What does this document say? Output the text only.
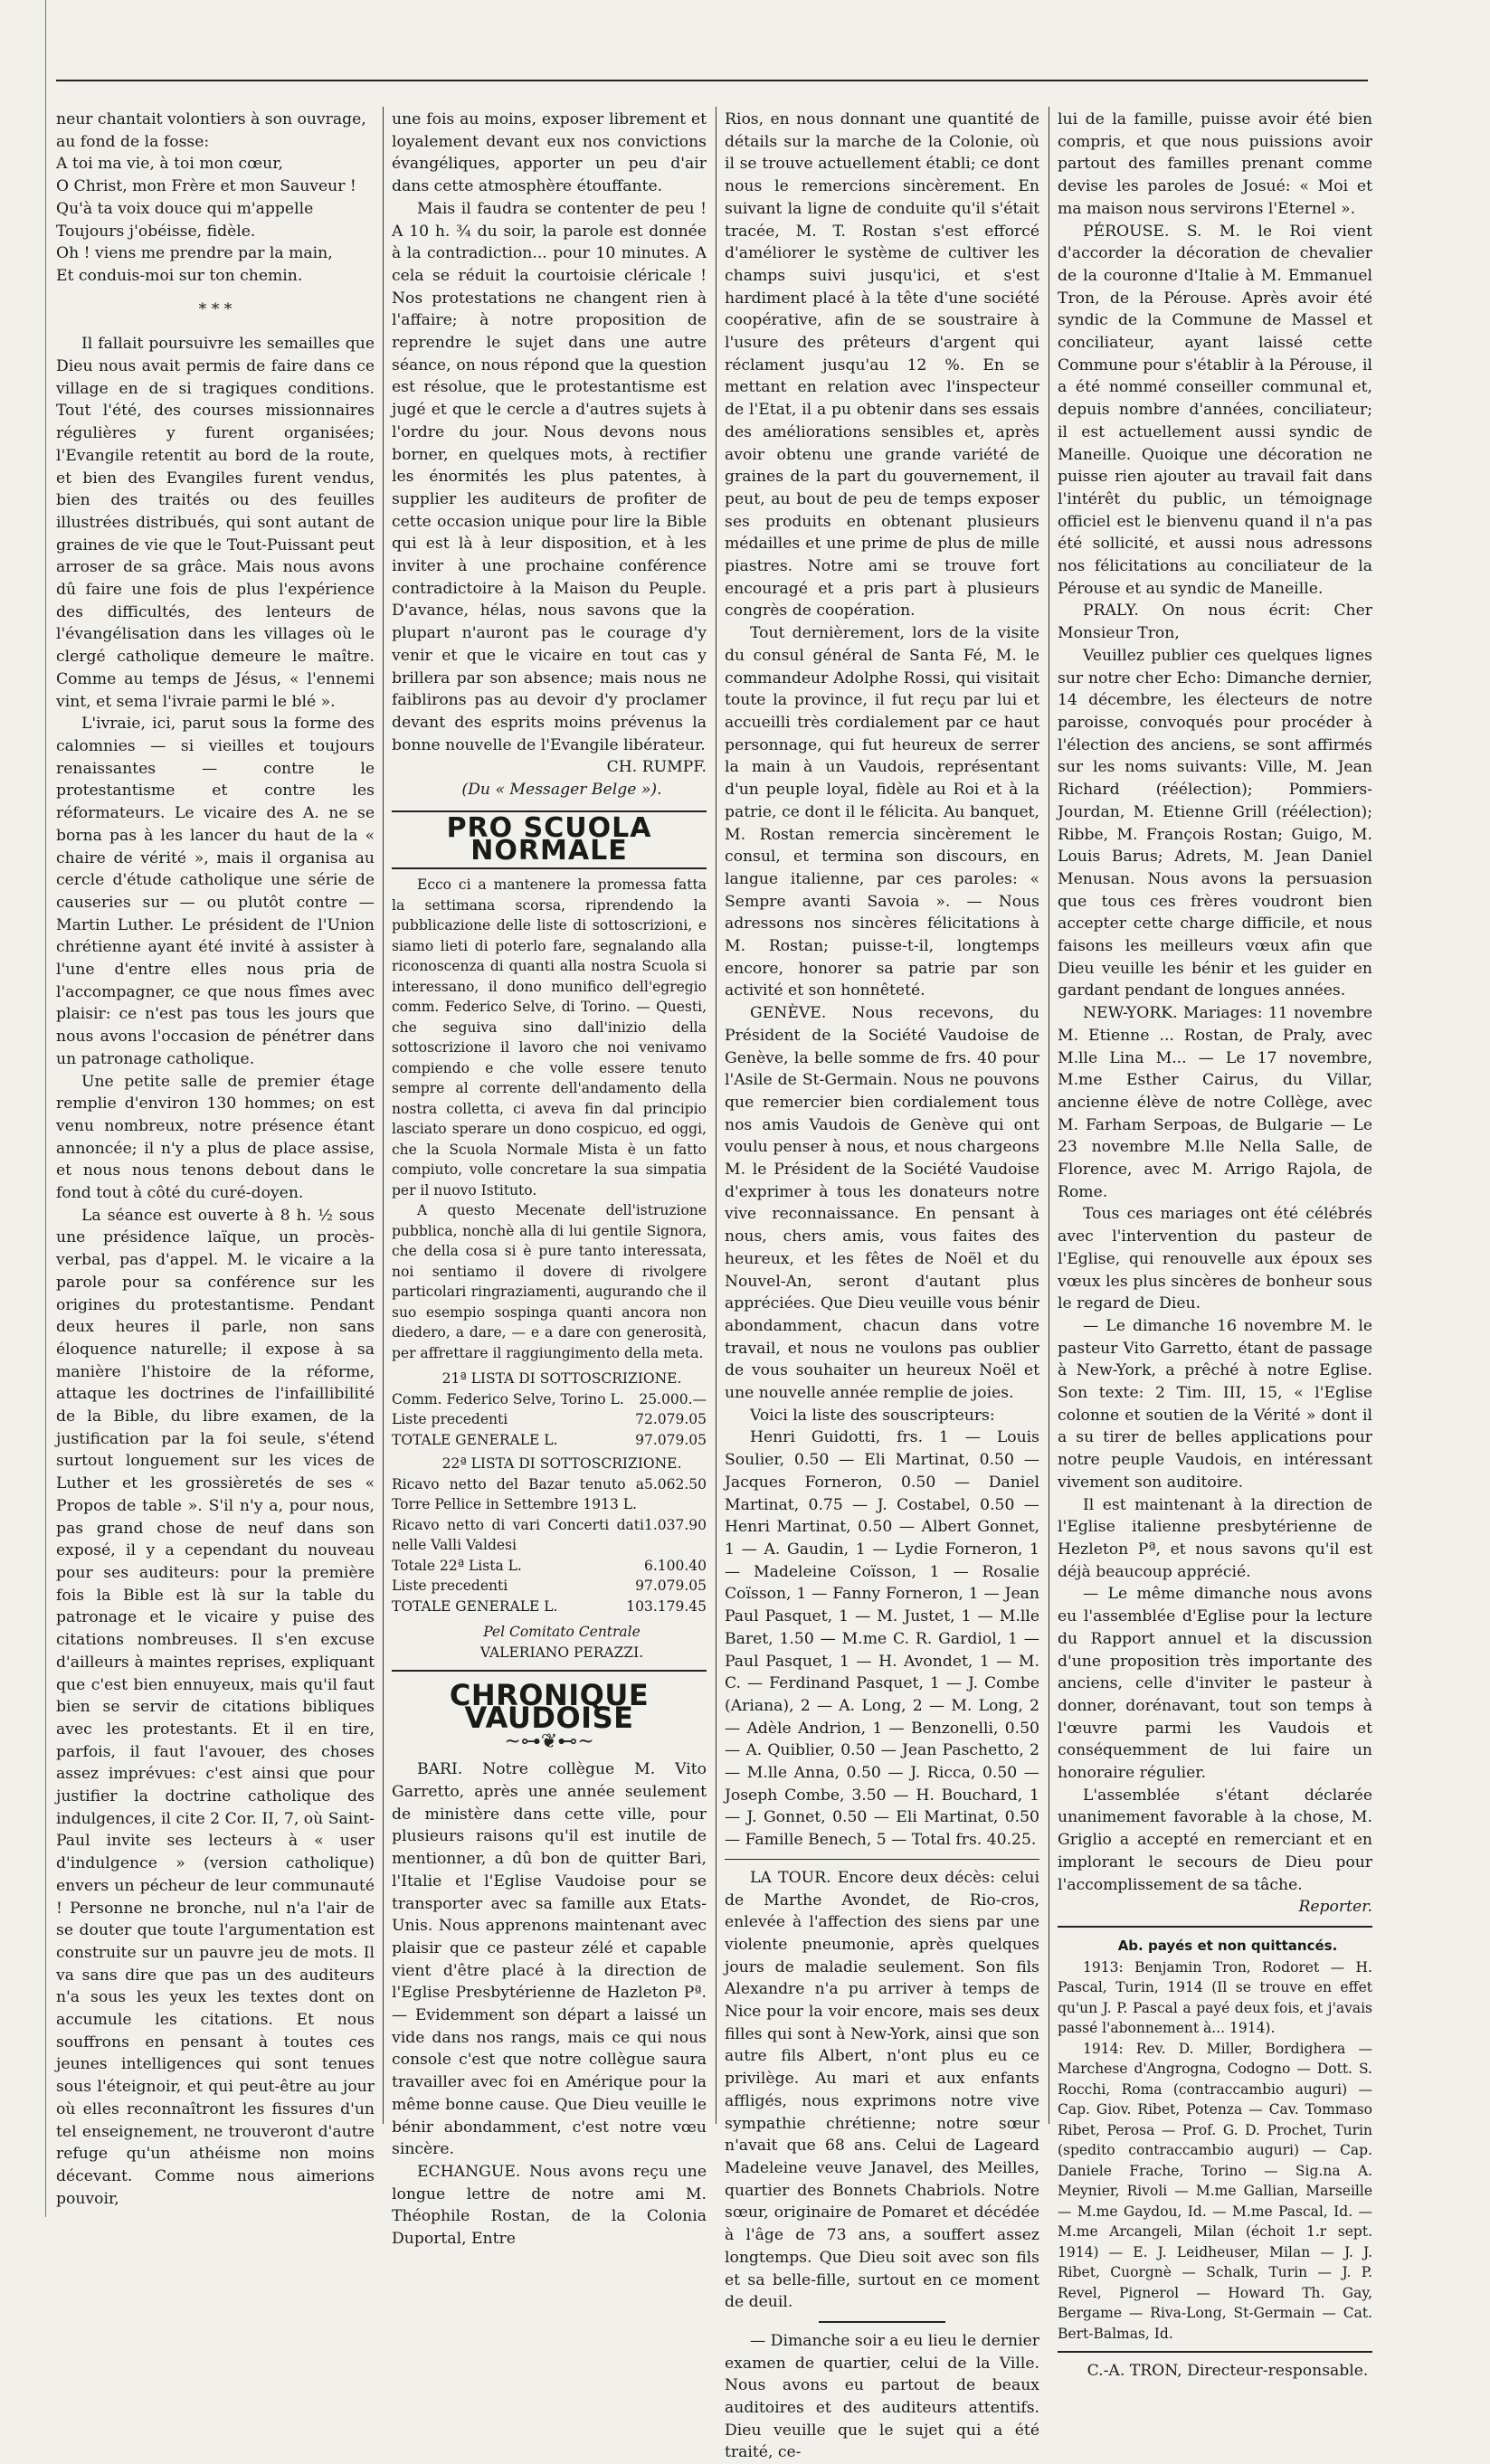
neur chantait volontiers à son ouvrage,

au fond de la fosse:

A toi ma vie, à toi mon cœur,

O Christ, mon Frère et mon Sauveur !

Qu'à ta voix douce qui m'appelle

Toujours j'obéisse, fidèle.

Oh ! viens me prendre par la main,

Et conduis-moi sur ton chemin.

* * *

Il fallait poursuivre les semailles que Dieu nous avait permis de faire dans ce village en de si tragiques conditions. Tout l'été, des courses missionnaires régulières y furent organisées; l'Evangile retentit au bord de la route, et bien des Evangiles furent vendus, bien des traités ou des feuilles illustrées distribués, qui sont autant de graines de vie que le Tout-Puissant peut arroser de sa grâce. Mais nous avons dû faire une fois de plus l'expérience des difficultés, des lenteurs de l'évangélisation dans les villages où le clergé catholique demeure le maître. Comme au temps de Jésus, « l'ennemi vint, et sema l'ivraie parmi le blé ».

L'ivraie, ici, parut sous la forme des calomnies — si vieilles et toujours renaissantes — contre le protestantisme et contre les réformateurs. Le vicaire des A. ne se borna pas à les lancer du haut de la « chaire de vérité », mais il organisa au cercle d'étude catholique une série de causeries sur — ou plutôt contre — Martin Luther. Le président de l'Union chrétienne ayant été invité à assister à l'une d'entre elles nous pria de l'accompagner, ce que nous fîmes avec plaisir: ce n'est pas tous les jours que nous avons l'occasion de pénétrer dans un patronage catholique.

Une petite salle de premier étage remplie d'environ 130 hommes; on est venu nombreux, notre présence étant annoncée; il n'y a plus de place assise, et nous nous tenons debout dans le fond tout à côté du curé-doyen.

La séance est ouverte à 8 h. ½ sous une présidence laïque, un procès-verbal, pas d'appel. M. le vicaire a la parole pour sa conférence sur les origines du protestantisme. Pendant deux heures il parle, non sans éloquence naturelle; il expose à sa manière l'histoire de la réforme, attaque les doctrines de l'infaillibilité de la Bible, du libre examen, de la justification par la foi seule, s'étend surtout longuement sur les vices de Luther et les grossièretés de ses « Propos de table ». S'il n'y a, pour nous, pas grand chose de neuf dans son exposé, il y a cependant du nouveau pour ses auditeurs: pour la première fois la Bible est là sur la table du patronage et le vicaire y puise des citations nombreuses. Il s'en excuse d'ailleurs à maintes reprises, expliquant que c'est bien ennuyeux, mais qu'il faut bien se servir de citations bibliques avec les protestants. Et il en tire, parfois, il faut l'avouer, des choses assez imprévues: c'est ainsi que pour justifier la doctrine catholique des indulgences, il cite 2 Cor. II, 7, où Saint-Paul invite ses lecteurs à « user d'indulgence » (version catholique) envers un pécheur de leur communauté ! Personne ne bronche, nul n'a l'air de se douter que toute l'argumentation est construite sur un pauvre jeu de mots. Il va sans dire que pas un des auditeurs n'a sous les yeux les textes dont on accumule les citations. Et nous souffrons en pensant à toutes ces jeunes intelligences qui sont tenues sous l'éteignoir, et qui peut-être au jour où elles reconnaîtront les fissures d'un tel enseignement, ne trouveront d'autre refuge qu'un athéisme non moins décevant. Comme nous aimerions pouvoir,

une fois au moins, exposer librement et loyalement devant eux nos convictions évangéliques, apporter un peu d'air dans cette atmosphère étouffante.

Mais il faudra se contenter de peu ! A 10 h. ¾ du soir, la parole est donnée à la contradiction... pour 10 minutes. A cela se réduit la courtoisie cléricale ! Nos protestations ne changent rien à l'affaire; à notre proposition de reprendre le sujet dans une autre séance, on nous répond que la question est résolue, que le protestantisme est jugé et que le cercle a d'autres sujets à l'ordre du jour. Nous devons nous borner, en quelques mots, à rectifier les énormités les plus patentes, à supplier les auditeurs de profiter de cette occasion unique pour lire la Bible qui est là à leur disposition, et à les inviter à une prochaine conférence contradictoire à la Maison du Peuple. D'avance, hélas, nous savons que la plupart n'auront pas le courage d'y venir et que le vicaire en tout cas y brillera par son absence; mais nous ne faiblirons pas au devoir d'y proclamer devant des esprits moins prévenus la bonne nouvelle de l'Evangile libérateur.

CH. RUMPF.

(Du « Messager Belge »).

PRO SCUOLA NORMALE

Ecco ci a mantenere la promessa fatta la settimana scorsa, riprendendo la pubblicazione delle liste di sottoscrizioni, e siamo lieti di poterlo fare, segnalando alla riconoscenza di quanti alla nostra Scuola si interessano, il dono munifico dell'egregio comm. Federico Selve, di Torino. — Questi, che seguiva sino dall'inizio della sottoscrizione il lavoro che noi venivamo compiendo e che volle essere tenuto sempre al corrente dell'andamento della nostra colletta, ci aveva fin dal principio lasciato sperare un dono cospicuo, ed oggi, che la Scuola Normale Mista è un fatto compiuto, volle concretare la sua simpatia per il nuovo Istituto.

A questo Mecenate dell'istruzione pubblica, nonchè alla di lui gentile Signora, che della cosa si è pure tanto interessata, noi sentiamo il dovere di rivolgere particolari ringraziamenti, augurando che il suo esempio sospinga quanti ancora non diedero, a dare, — e a dare con generosità, per affrettare il raggiungimento della meta.

21ª LISTA DI SOTTOSCRIZIONE.

Comm. Federico Selve, Torino L. 25.000.—
Liste precedenti	72.079.05
TOTALE GENERALE L.	97.079.05

22ª LISTA DI SOTTOSCRIZIONE.

Ricavo netto del Bazar tenuto a Torre Pellice in Settembre 1913 L.
5.062.50
Ricavo netto di vari Concerti dati nelle Valli Valdesi
1.037.90
Totale 22ª Lista L.	6.100.40
Liste precedenti	97.079.05
TOTALE GENERALE L.	103.179.45

Pel Comitato Centrale

VALERIANO PERAZZI.

CHRONIQUE VAUDOISE
~⊶❦⊷~

BARI. Notre collègue M. Vito Garretto, après une année seulement de ministère dans cette ville, pour plusieurs raisons qu'il est inutile de mentionner, a dû bon de quitter Bari, l'Italie et l'Eglise Vaudoise pour se transporter avec sa famille aux Etats-Unis. Nous apprenons maintenant avec plaisir que ce pasteur zélé et capable vient d'être placé à la direction de l'Eglise Presbytérienne de Hazleton Pª. — Evidemment son départ a laissé un vide dans nos rangs, mais ce qui nous console c'est que notre collègue saura travailler avec foi en Amérique pour la même bonne cause. Que Dieu veuille le bénir abondamment, c'est notre vœu sincère.

ECHANGUE. Nous avons reçu une longue lettre de notre ami M. Théophile Rostan, de la Colonia Duportal, Entre

Rios, en nous donnant une quantité de détails sur la marche de la Colonie, où il se trouve actuellement établi; ce dont nous le remercions sincèrement. En suivant la ligne de conduite qu'il s'était tracée, M. T. Rostan s'est efforcé d'améliorer le système de cultiver les champs suivi jusqu'ici, et s'est hardiment placé à la tête d'une société coopérative, afin de se soustraire à l'usure des prêteurs d'argent qui réclament jusqu'au 12 %. En se mettant en relation avec l'inspecteur de l'Etat, il a pu obtenir dans ses essais des améliorations sensibles et, après avoir obtenu une grande variété de graines de la part du gouvernement, il peut, au bout de peu de temps exposer ses produits en obtenant plusieurs médailles et une prime de plus de mille piastres. Notre ami se trouve fort encouragé et a pris part à plusieurs congrès de coopération.

Tout dernièrement, lors de la visite du consul général de Santa Fé, M. le commandeur Adolphe Rossi, qui visitait toute la province, il fut reçu par lui et accueilli très cordialement par ce haut personnage, qui fut heureux de serrer la main à un Vaudois, représentant d'un peuple loyal, fidèle au Roi et à la patrie, ce dont il le félicita. Au banquet, M. Rostan remercia sincèrement le consul, et termina son discours, en langue italienne, par ces paroles: « Sempre avanti Savoia ». — Nous adressons nos sincères félicitations à M. Rostan; puisse-t-il, longtemps encore, honorer sa patrie par son activité et son honnêteté.

GENÈVE. Nous recevons, du Président de la Société Vaudoise de Genève, la belle somme de frs. 40 pour l'Asile de St-Germain. Nous ne pouvons que remercier bien cordialement tous nos amis Vaudois de Genève qui ont voulu penser à nous, et nous chargeons M. le Président de la Société Vaudoise d'exprimer à tous les donateurs notre vive reconnaissance. En pensant à nous, chers amis, vous faites des heureux, et les fêtes de Noël et du Nouvel-An, seront d'autant plus appréciées. Que Dieu veuille vous bénir abondamment, chacun dans votre travail, et nous ne voulons pas oublier de vous souhaiter un heureux Noël et une nouvelle année remplie de joies.

Voici la liste des souscripteurs:

Henri Guidotti, frs. 1 — Louis Soulier, 0.50 — Eli Martinat, 0.50 — Jacques Forneron, 0.50 — Daniel Martinat, 0.75 — J. Costabel, 0.50 — Henri Martinat, 0.50 — Albert Gonnet, 1 — A. Gaudin, 1 — Lydie Forneron, 1 — Madeleine Coïsson, 1 — Rosalie Coïsson, 1 — Fanny Forneron, 1 — Jean Paul Pasquet, 1 — M. Justet, 1 — M.lle Baret, 1.50 — M.me C. R. Gardiol, 1 — Paul Pasquet, 1 — H. Avondet, 1 — M. C. — Ferdinand Pasquet, 1 — J. Combe (Ariana), 2 — A. Long, 2 — M. Long, 2 — Adèle Andrion, 1 — Benzonelli, 0.50 — A. Quiblier, 0.50 — Jean Paschetto, 2 — M.lle Anna, 0.50 — J. Ricca, 0.50 — Joseph Combe, 3.50 — H. Bouchard, 1 — J. Gonnet, 0.50 — Eli Martinat, 0.50 — Famille Benech, 5 — Total frs. 40.25.

LA TOUR. Encore deux décès: celui de Marthe Avondet, de Rio-cros, enlevée à l'affection des siens par une violente pneumonie, après quelques jours de maladie seulement. Son fils Alexandre n'a pu arriver à temps de Nice pour la voir encore, mais ses deux filles qui sont à New-York, ainsi que son autre fils Albert, n'ont plus eu ce privilège. Au mari et aux enfants affligés, nous exprimons notre vive sympathie chrétienne; notre sœur n'avait que 68 ans. Celui de Lageard Madeleine veuve Janavel, des Meilles, quartier des Bonnets Chabriols. Notre sœur, originaire de Pomaret et décédée à l'âge de 73 ans, a souffert assez longtemps. Que Dieu soit avec son fils et sa belle-fille, surtout en ce moment de deuil.

— Dimanche soir a eu lieu le dernier examen de quartier, celui de la Ville. Nous avons eu partout de beaux auditoires et des auditeurs attentifs. Dieu veuille que le sujet qui a été traité, ce-

lui de la famille, puisse avoir été bien compris, et que nous puissions avoir partout des familles prenant comme devise les paroles de Josué: « Moi et ma maison nous servirons l'Eternel ».

PÉROUSE. S. M. le Roi vient d'accorder la décoration de chevalier de la couronne d'Italie à M. Emmanuel Tron, de la Pérouse. Après avoir été syndic de la Commune de Massel et conciliateur, ayant laissé cette Commune pour s'établir à la Pérouse, il a été nommé conseiller communal et, depuis nombre d'années, conciliateur; il est actuellement aussi syndic de Maneille. Quoique une décoration ne puisse rien ajouter au travail fait dans l'intérêt du public, un témoignage officiel est le bienvenu quand il n'a pas été sollicité, et aussi nous adressons nos félicitations au conciliateur de la Pérouse et au syndic de Maneille.

PRALY. On nous écrit: Cher Monsieur Tron,

Veuillez publier ces quelques lignes sur notre cher Echo: Dimanche dernier, 14 décembre, les électeurs de notre paroisse, convoqués pour procéder à l'élection des anciens, se sont affirmés sur les noms suivants: Ville, M. Jean Richard (réélection); Pommiers-Jourdan, M. Etienne Grill (réélection); Ribbe, M. François Rostan; Guigo, M. Louis Barus; Adrets, M. Jean Daniel Menusan. Nous avons la persuasion que tous ces frères voudront bien accepter cette charge difficile, et nous faisons les meilleurs vœux afin que Dieu veuille les bénir et les guider en gardant pendant de longues années.

NEW-YORK. Mariages: 11 novembre M. Etienne ... Rostan, de Praly, avec M.lle Lina M... — Le 17 novembre, M.me Esther Cairus, du Villar, ancienne élève de notre Collège, avec M. Farham Serpoas, de Bulgarie — Le 23 novembre M.lle Nella Salle, de Florence, avec M. Arrigo Rajola, de Rome.

Tous ces mariages ont été célébrés avec l'intervention du pasteur de l'Eglise, qui renouvelle aux époux ses vœux les plus sincères de bonheur sous le regard de Dieu.

— Le dimanche 16 novembre M. le pasteur Vito Garretto, étant de passage à New-York, a prêché à notre Eglise. Son texte: 2 Tim. III, 15, « l'Eglise colonne et soutien de la Vérité » dont il a su tirer de belles applications pour notre peuple Vaudois, en intéressant vivement son auditoire.

Il est maintenant à la direction de l'Eglise italienne presbytérienne de Hezleton Pª, et nous savons qu'il est déjà beaucoup apprécié.

— Le même dimanche nous avons eu l'assemblée d'Eglise pour la lecture du Rapport annuel et la discussion d'une proposition très importante des anciens, celle d'inviter le pasteur à donner, dorénavant, tout son temps à l'œuvre parmi les Vaudois et conséquemment de lui faire un honoraire régulier.

L'assemblée s'étant déclarée unanimement favorable à la chose, M. Griglio a accepté en remerciant et en implorant le secours de Dieu pour l'accomplissement de sa tâche.

Reporter.

Ab. payés et non quittancés.

1913: Benjamin Tron, Rodoret — H. Pascal, Turin, 1914 (Il se trouve en effet qu'un J. P. Pascal a payé deux fois, et j'avais passé l'abonnement à... 1914).

1914: Rev. D. Miller, Bordighera — Marchese d'Angrogna, Codogno — Dott. S. Rocchi, Roma (contraccambio auguri) — Cap. Giov. Ribet, Potenza — Cav. Tommaso Ribet, Perosa — Prof. G. D. Prochet, Turin (spedito contraccambio auguri) — Cap. Daniele Frache, Torino — Sig.na A. Meynier, Rivoli — M.me Gallian, Marseille — M.me Gaydou, Id. — M.me Pascal, Id. — M.me Arcangeli, Milan (échoit 1.r sept. 1914) — E. J. Leidheuser, Milan — J. J. Ribet, Cuorgnè — Schalk, Turin — J. P. Revel, Pignerol — Howard Th. Gay, Bergame — Riva-Long, St-Germain — Cat. Bert-Balmas, Id.

C.-A. TRON, Directeur-responsable.
